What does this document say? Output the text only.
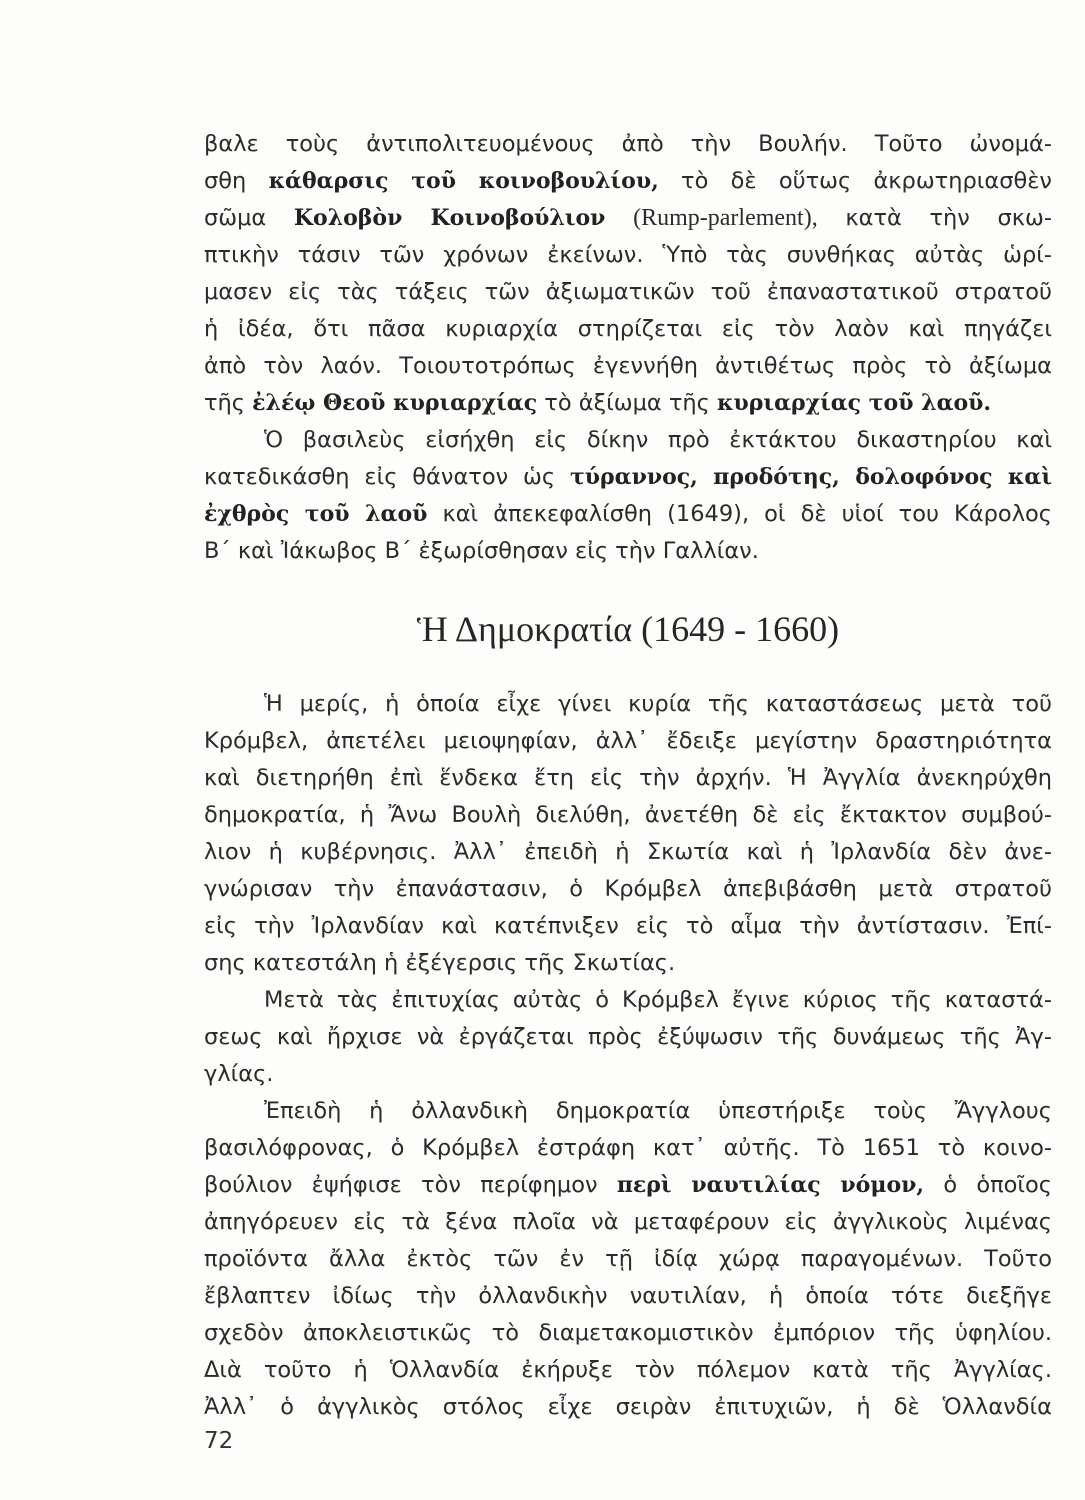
βαλε τοὺς ἀντιπολιτευομένους ἀπὸ τὴν Βουλήν. Τοῦτο ὠνομά-
σθη κάθαρσις τοῦ κοινοβουλίου, τὸ δὲ οὕτως ἀκρωτηριασθὲν
σῶμα Κολοβὸν Κοινοβούλιον (Rump-parlement), κατὰ τὴν σκω-
πτικὴν τάσιν τῶν χρόνων ἐκείνων. Ὑπὸ τὰς συνθήκας αὐτὰς ὡρί-
μασεν εἰς τὰς τάξεις τῶν ἀξιωματικῶν τοῦ ἐπαναστατικοῦ στρατοῦ
ἡ ἰδέα, ὅτι πᾶσα κυριαρχία στηρίζεται εἰς τὸν λαὸν καὶ πηγάζει
ἀπὸ τὸν λαόν. Τοιουτοτρόπως ἐγεννήθη ἀντιθέτως πρὸς τὸ ἀξίωμα
τῆς ἐλέῳ Θεοῦ κυριαρχίας τὸ ἀξίωμα τῆς κυριαρχίας τοῦ λαοῦ.
Ὁ βασιλεὺς εἰσήχθη εἰς δίκην πρὸ ἐκτάκτου δικαστηρίου καὶ
κατεδικάσθη εἰς θάνατον ὡς τύραννος, προδότης, δολοφόνος καὶ
ἐχθρὸς τοῦ λαοῦ καὶ ἀπεκεφαλίσθη (1649), οἱ δὲ υἱοί του Κάρολος
Β΄ καὶ Ἰάκωβος Β΄ ἐξωρίσθησαν εἰς τὴν Γαλλίαν.
Ἡ Δημοκρατία (1649 - 1660)
Ἡ μερίς, ἡ ὁποία εἶχε γίνει κυρία τῆς καταστάσεως μετὰ τοῦ
Κρόμβελ, ἀπετέλει μειοψηφίαν, ἀλλ᾿ ἔδειξε μεγίστην δραστηριότητα
καὶ διετηρήθη ἐπὶ ἕνδεκα ἔτη εἰς τὴν ἀρχήν. Ἡ Ἀγγλία ἀνεκηρύχθη
δημοκρατία, ἡ Ἄνω Βουλὴ διελύθη, ἀνετέθη δὲ εἰς ἔκτακτον συμβού-
λιον ἡ κυβέρνησις. Ἀλλ᾿ ἐπειδὴ ἡ Σκωτία καὶ ἡ Ἰρλανδία δὲν ἀνε-
γνώρισαν τὴν ἐπανάστασιν, ὁ Κρόμβελ ἀπεβιβάσθη μετὰ στρατοῦ
εἰς τὴν Ἰρλανδίαν καὶ κατέπνιξεν εἰς τὸ αἷμα τὴν ἀντίστασιν. Ἐπί-
σης κατεστάλη ἡ ἐξέγερσις τῆς Σκωτίας.
Μετὰ τὰς ἐπιτυχίας αὐτὰς ὁ Κρόμβελ ἔγινε κύριος τῆς καταστά-
σεως καὶ ἤρχισε νὰ ἐργάζεται πρὸς ἐξύψωσιν τῆς δυνάμεως τῆς Ἀγ-
γλίας.
Ἐπειδὴ ἡ ὀλλανδικὴ δημοκρατία ὑπεστήριξε τοὺς Ἄγγλους
βασιλόφρονας, ὁ Κρόμβελ ἐστράφη κατ᾿ αὐτῆς. Τὸ 1651 τὸ κοινο-
βούλιον ἐψήφισε τὸν περίφημον περὶ ναυτιλίας νόμον, ὁ ὁποῖος
ἀπηγόρευεν εἰς τὰ ξένα πλοῖα νὰ μεταφέρουν εἰς ἀγγλικοὺς λιμένας
προϊόντα ἄλλα ἐκτὸς τῶν ἐν τῇ ἰδίᾳ χώρᾳ παραγομένων. Τοῦτο
ἔβλαπτεν ἰδίως τὴν ὀλλανδικὴν ναυτιλίαν, ἡ ὁποία τότε διεξῆγε
σχεδὸν ἀποκλειστικῶς τὸ διαμετακομιστικὸν ἐμπόριον τῆς ὑφηλίου.
Διὰ τοῦτο ἡ Ὁλλανδία ἐκήρυξε τὸν πόλεμον κατὰ τῆς Ἀγγλίας.
Ἀλλ᾿ ὁ ἀγγλικὸς στόλος εἶχε σειρὰν ἐπιτυχιῶν, ἡ δὲ Ὁλλανδία
72
